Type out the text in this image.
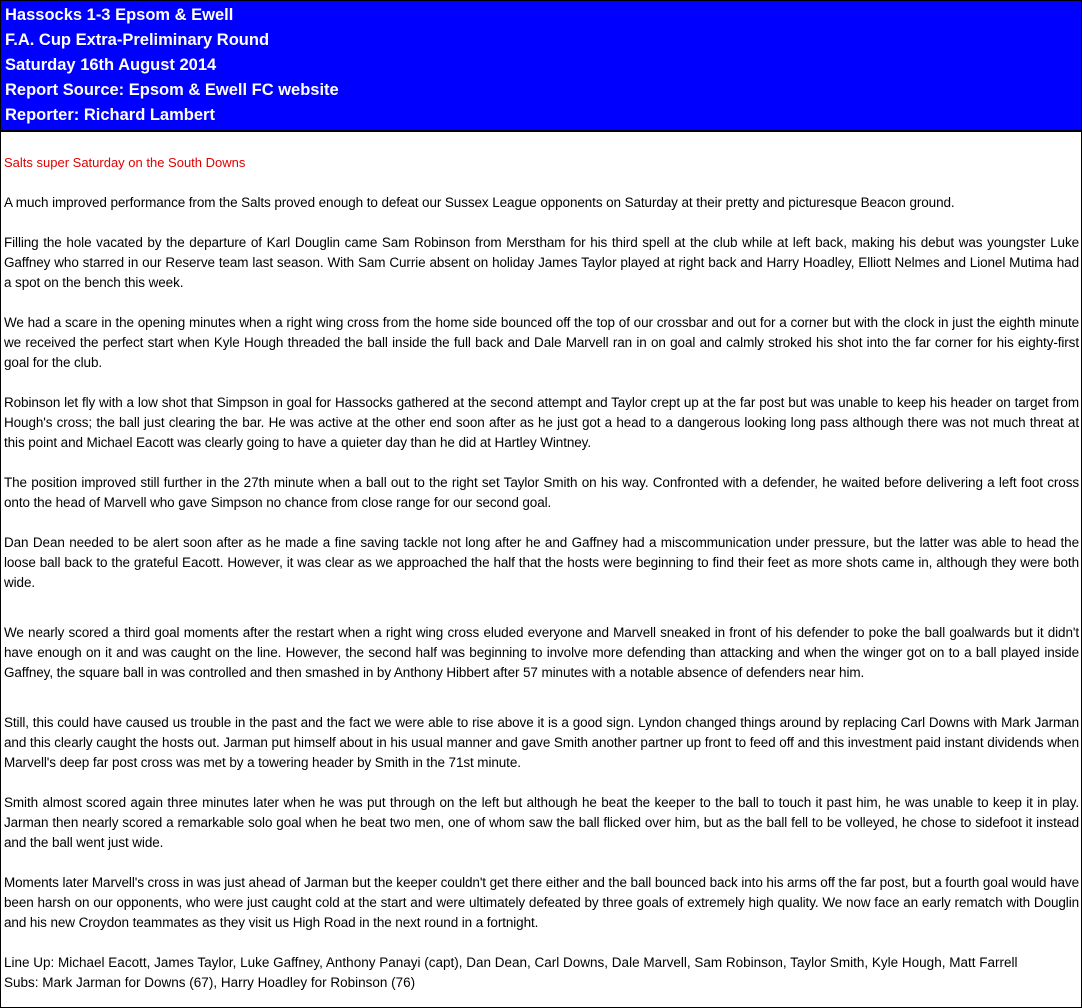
Hassocks 1-3 Epsom & Ewell
F.A. Cup Extra-Preliminary Round
Saturday 16th August 2014
Report Source: Epsom & Ewell FC website
Reporter: Richard Lambert

Salts super Saturday on the South Downs

A much improved performance from the Salts proved enough to defeat our Sussex League opponents on Saturday at their pretty and picturesque Beacon ground.

Filling the hole vacated by the departure of Karl Douglin came Sam Robinson from Merstham for his third spell at the club while at left back, making his debut was youngster Luke Gaffney who starred in our Reserve team last season. With Sam Currie absent on holiday James Taylor played at right back and Harry Hoadley, Elliott Nelmes and Lionel Mutima had a spot on the bench this week.

We had a scare in the opening minutes when a right wing cross from the home side bounced off the top of our crossbar and out for a corner but with the clock in just the eighth minute we received the perfect start when Kyle Hough threaded the ball inside the full back and Dale Marvell ran in on goal and calmly stroked his shot into the far corner for his eighty-first goal for the club.

Robinson let fly with a low shot that Simpson in goal for Hassocks gathered at the second attempt and Taylor crept up at the far post but was unable to keep his header on target from Hough's cross; the ball just clearing the bar. He was active at the other end soon after as he just got a head to a dangerous looking long pass although there was not much threat at this point and Michael Eacott was clearly going to have a quieter day than he did at Hartley Wintney.

The position improved still further in the 27th minute when a ball out to the right set Taylor Smith on his way. Confronted with a defender, he waited before delivering a left foot cross onto the head of Marvell who gave Simpson no chance from close range for our second goal.

Dan Dean needed to be alert soon after as he made a fine saving tackle not long after he and Gaffney had a miscommunication under pressure, but the latter was able to head the loose ball back to the grateful Eacott. However, it was clear as we approached the half that the hosts were beginning to find their feet as more shots came in, although they were both wide.

We nearly scored a third goal moments after the restart when a right wing cross eluded everyone and Marvell sneaked in front of his defender to poke the ball goalwards but it didn't have enough on it and was caught on the line. However, the second half was beginning to involve more defending than attacking and when the winger got on to a ball played inside Gaffney, the square ball in was controlled and then smashed in by Anthony Hibbert after 57 minutes with a notable absence of defenders near him.

Still, this could have caused us trouble in the past and the fact we were able to rise above it is a good sign. Lyndon changed things around by replacing Carl Downs with Mark Jarman and this clearly caught the hosts out. Jarman put himself about in his usual manner and gave Smith another partner up front to feed off and this investment paid instant dividends when Marvell's deep far post cross was met by a towering header by Smith in the 71st minute.

Smith almost scored again three minutes later when he was put through on the left but although he beat the keeper to the ball to touch it past him, he was unable to keep it in play. Jarman then nearly scored a remarkable solo goal when he beat two men, one of whom saw the ball flicked over him, but as the ball fell to be volleyed, he chose to sidefoot it instead and the ball went just wide.

Moments later Marvell's cross in was just ahead of Jarman but the keeper couldn't get there either and the ball bounced back into his arms off the far post, but a fourth goal would have been harsh on our opponents, who were just caught cold at the start and were ultimately defeated by three goals of extremely high quality. We now face an early rematch with Douglin and his new Croydon teammates as they visit us High Road in the next round in a fortnight.

Line Up: Michael Eacott, James Taylor, Luke Gaffney, Anthony Panayi (capt), Dan Dean, Carl Downs, Dale Marvell, Sam Robinson, Taylor Smith, Kyle Hough, Matt Farrell
Subs: Mark Jarman for Downs (67), Harry Hoadley for Robinson (76)
